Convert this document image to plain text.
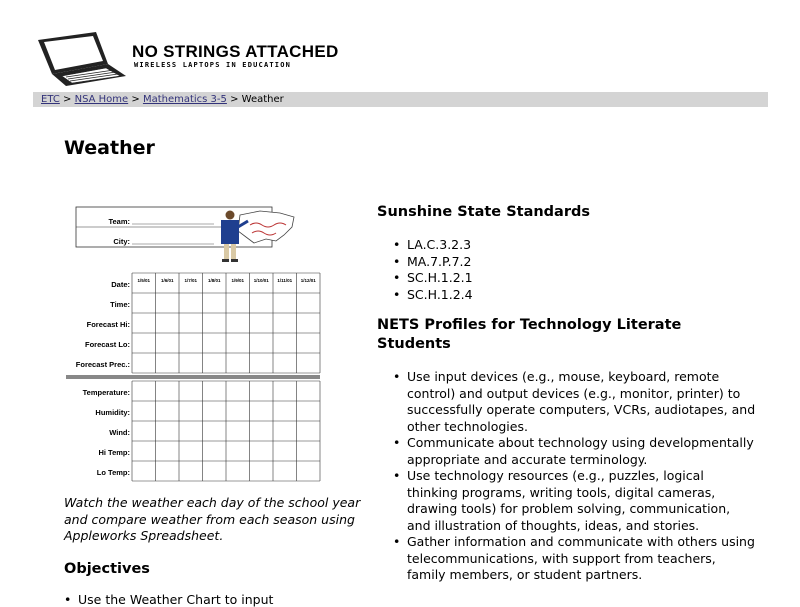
NO STRINGS ATTACHED
WIRELESS LAPTOPS IN EDUCATION
ETC > NSA Home > Mathematics 3-5 > Weather
Weather
Team:
City:
Date:
Time:
Forecast Hi:
Forecast Lo:
Forecast Prec.:
Temperature:
Humidity:
Wind:
Hi Temp:
Lo Temp:
1/5/01 1/6/01 1/7/01 1/8/01 1/9/01 1/10/01 1/11/01 1/12/01
Watch the weather each day of the school year and compare weather from each season using Appleworks Spreadsheet.
Objectives
• Use the Weather Chart to input
Sunshine State Standards
• LA.C.3.2.3
• MA.7.P.7.2
• SC.H.1.2.1
• SC.H.1.2.4
NETS Profiles for Technology Literate Students
• Use input devices (e.g., mouse, keyboard, remote control) and output devices (e.g., monitor, printer) to successfully operate computers, VCRs, audiotapes, and other technologies.
• Communicate about technology using developmentally appropriate and accurate terminology.
• Use technology resources (e.g., puzzles, logical thinking programs, writing tools, digital cameras, drawing tools) for problem solving, communication, and illustration of thoughts, ideas, and stories.
• Gather information and communicate with others using telecommunications, with support from teachers, family members, or student partners.
